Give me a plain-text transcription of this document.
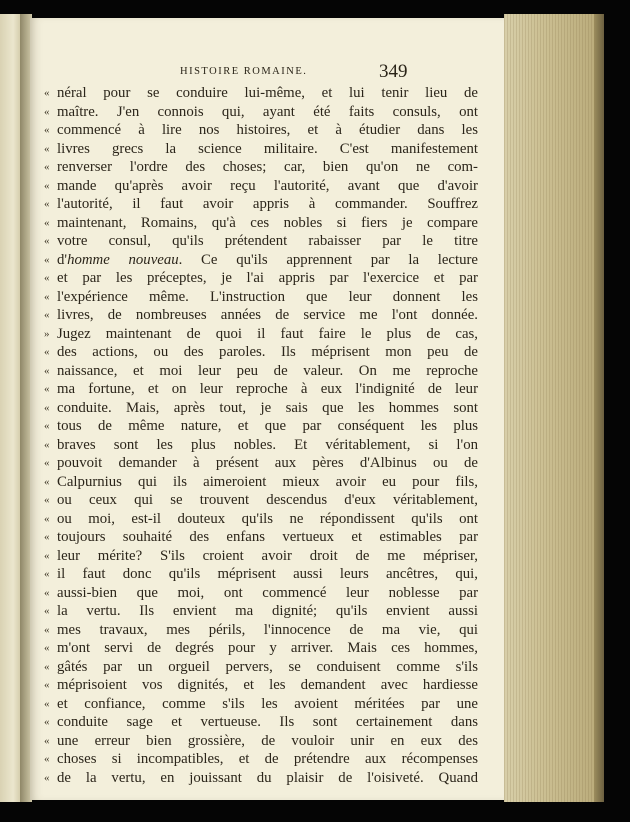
HISTOIRE ROMAINE.	349
« néral pour se conduire lui-même, et lui tenir lieu de
« maître. J'en connois qui, ayant été faits consuls, ont
« commencé à lire nos histoires, et à étudier dans les
« livres grecs la science militaire. C'est manifestement
« renverser l'ordre des choses; car, bien qu'on ne com-
« mande qu'après avoir reçu l'autorité, avant que d'avoir
« l'autorité, il faut avoir appris à commander. Souffrez
« maintenant, Romains, qu'à ces nobles si fiers je compare
« votre consul, qu'ils prétendent rabaisser par le titre
« d'homme nouveau. Ce qu'ils apprennent par la lecture
« et par les préceptes, je l'ai appris par l'exercice et par
« l'expérience même. L'instruction que leur donnent les
« livres, de nombreuses années de service me l'ont donnée.
» Jugez maintenant de quoi il faut faire le plus de cas,
« des actions, ou des paroles. Ils méprisent mon peu de
« naissance, et moi leur peu de valeur. On me reproche
« ma fortune, et on leur reproche à eux l'indignité de leur
« conduite. Mais, après tout, je sais que les hommes sont
« tous de même nature, et que par conséquent les plus
« braves sont les plus nobles. Et véritablement, si l'on
« pouvoit demander à présent aux pères d'Albinus ou de
« Calpurnius qui ils aimeroient mieux avoir eu pour fils,
« ou ceux qui se trouvent descendus d'eux véritablement,
« ou moi, est-il douteux qu'ils ne répondissent qu'ils ont
« toujours souhaité des enfans vertueux et estimables par
« leur mérite? S'ils croient avoir droit de me mépriser,
« il faut donc qu'ils méprisent aussi leurs ancêtres, qui,
« aussi-bien que moi, ont commencé leur noblesse par
« la vertu. Ils envient ma dignité; qu'ils envient aussi
« mes travaux, mes périls, l'innocence de ma vie, qui
« m'ont servi de degrés pour y arriver. Mais ces hommes,
« gâtés par un orgueil pervers, se conduisent comme s'ils
« méprisoient vos dignités, et les demandent avec hardiesse
« et confiance, comme s'ils les avoient méritées par une
« conduite sage et vertueuse. Ils sont certainement dans
« une erreur bien grossière, de vouloir unir en eux des
« choses si incompatibles, et de prétendre aux récompenses
« de la vertu, en jouissant du plaisir de l'oisiveté. Quand
